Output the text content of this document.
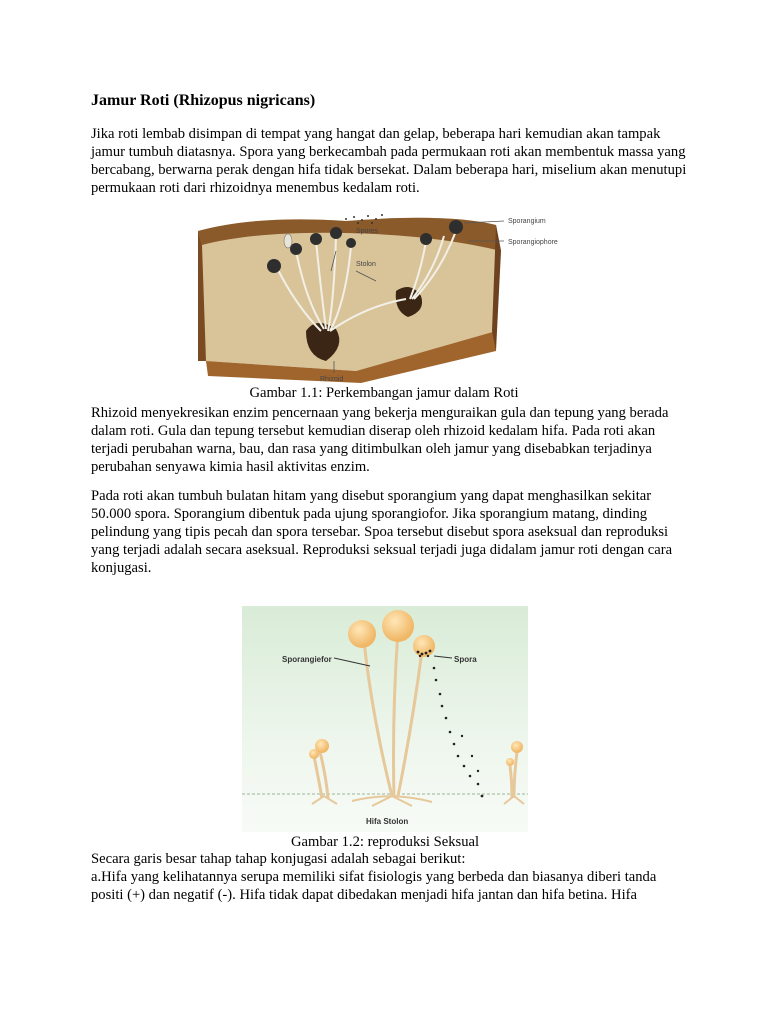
Jamur Roti (Rhizopus nigricans)

Jika roti lembab disimpan di tempat yang hangat dan gelap, beberapa hari kemudian akan tampak jamur tumbuh diatasnya. Spora yang berkecambah pada permukaan roti akan membentuk massa yang bercabang, berwarna perak dengan hifa tidak bersekat. Dalam beberapa hari, miselium akan menutupi permukaan roti dari rhizoidnya menembus kedalam roti.

Sporangium
Sporangiophore
Spores
Stolon
Rhizoid

Gambar 1.1: Perkembangan jamur dalam Roti

Rhizoid menyekresikan enzim pencernaan yang bekerja menguraikan gula dan tepung yang berada dalam roti. Gula dan tepung tersebut kemudian diserap oleh rhizoid kedalam hifa. Pada roti akan terjadi perubahan warna, bau, dan rasa yang ditimbulkan oleh jamur yang disebabkan terjadinya perubahan senyawa kimia hasil aktivitas enzim.

Pada roti akan tumbuh bulatan hitam yang disebut sporangium yang dapat menghasilkan sekitar 50.000 spora. Sporangium dibentuk pada ujung sporangiofor. Jika sporangium matang, dinding pelindung yang tipis pecah dan spora tersebar. Spoa tersebut disebut spora aseksual dan reproduksi yang terjadi adalah secara aseksual. Reproduksi seksual terjadi juga didalam jamur roti dengan cara konjugasi.

Sporangiefor	Spora
Hifa Stolon

Gambar 1.2: reproduksi Seksual

Secara garis besar tahap tahap konjugasi adalah sebagai berikut:
a.Hifa yang kelihatannya serupa memiliki sifat fisiologis yang berbeda dan biasanya diberi tanda positi (+) dan negatif (-). Hifa tidak dapat dibedakan menjadi hifa jantan dan hifa betina. Hifa
